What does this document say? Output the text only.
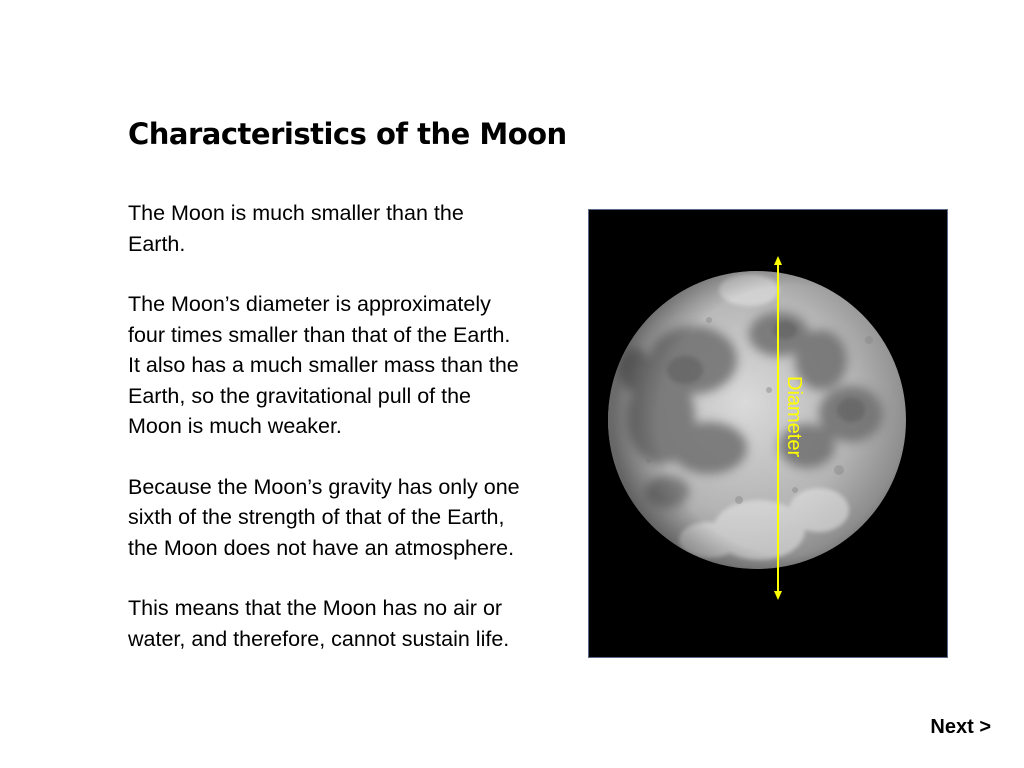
Characteristics of the Moon

The Moon is much smaller than the Earth.

The Moon’s diameter is approximately four times smaller than that of the Earth. It also has a much smaller mass than the Earth, so the gravitational pull of the Moon is much weaker.

Because the Moon’s gravity has only one sixth of the strength of that of the Earth, the Moon does not have an atmosphere.

This means that the Moon has no air or water, and therefore, cannot sustain life.

Diameter
Next >
